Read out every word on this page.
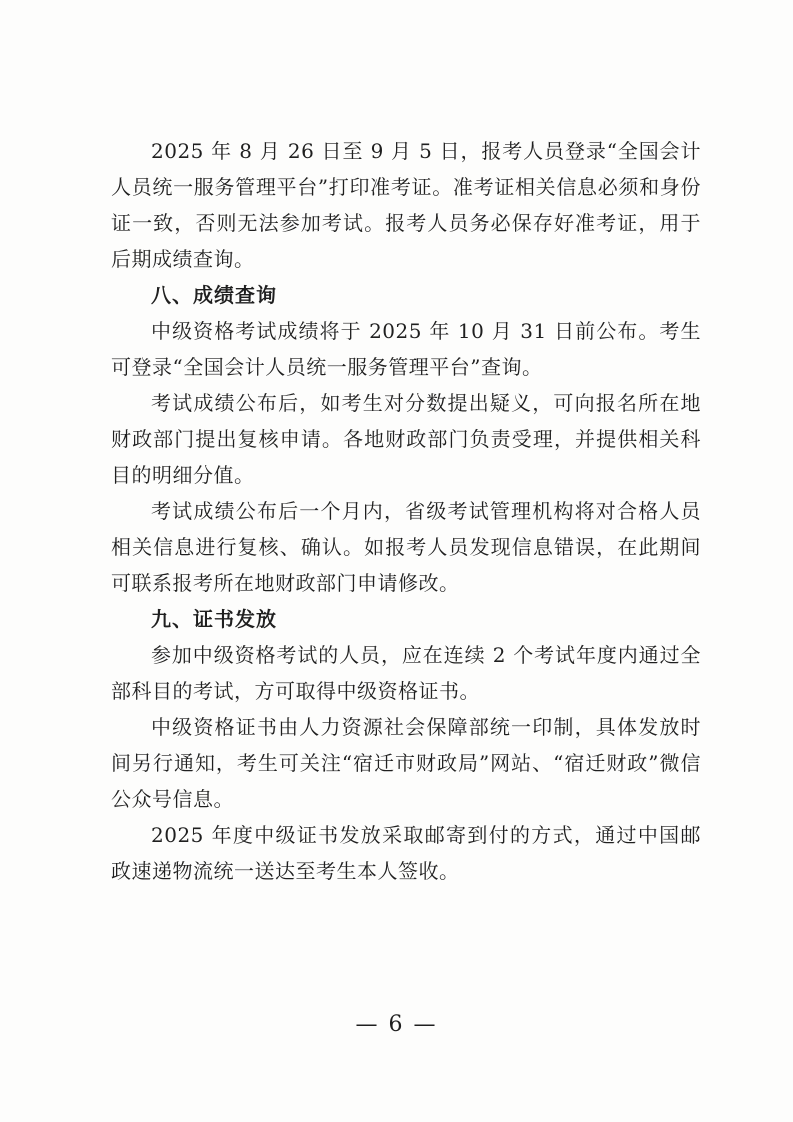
2025 年 8 月 26 日至 9 月 5 日，报考人员登录“全国会计人员统一服务管理平台”打印准考证。准考证相关信息必须和身份证一致，否则无法参加考试。报考人员务必保存好准考证，用于后期成绩查询。

八、成绩查询

中级资格考试成绩将于 2025 年 10 月 31 日前公布。考生可登录“全国会计人员统一服务管理平台”查询。

考试成绩公布后，如考生对分数提出疑义，可向报名所在地财政部门提出复核申请。各地财政部门负责受理，并提供相关科目的明细分值。

考试成绩公布后一个月内，省级考试管理机构将对合格人员相关信息进行复核、确认。如报考人员发现信息错误，在此期间可联系报考所在地财政部门申请修改。

九、证书发放

参加中级资格考试的人员，应在连续 2 个考试年度内通过全部科目的考试，方可取得中级资格证书。

中级资格证书由人力资源社会保障部统一印制，具体发放时间另行通知，考生可关注“宿迁市财政局”网站、“宿迁财政”微信公众号信息。

2025 年度中级证书发放采取邮寄到付的方式，通过中国邮政速递物流统一送达至考生本人签收。

— 6 —
